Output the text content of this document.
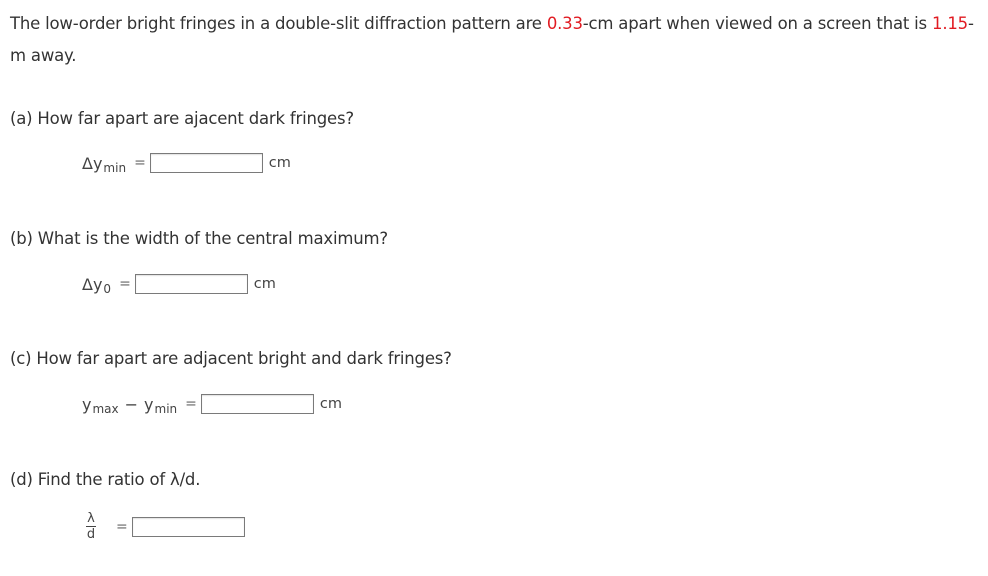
The low-order bright fringes in a double-slit diffraction pattern are 0.33-cm apart when viewed on a screen that is 1.15-m away.
(a) How far apart are ajacent dark fringes?
Δy min =	cm
(b) What is the width of the central maximum?
Δy 0 =	cm
(c) How far apart are adjacent bright and dark fringes?
y max − y min =	cm
(d) Find the ratio of λ/d.
$\frac{\lambda}{d}$ =
